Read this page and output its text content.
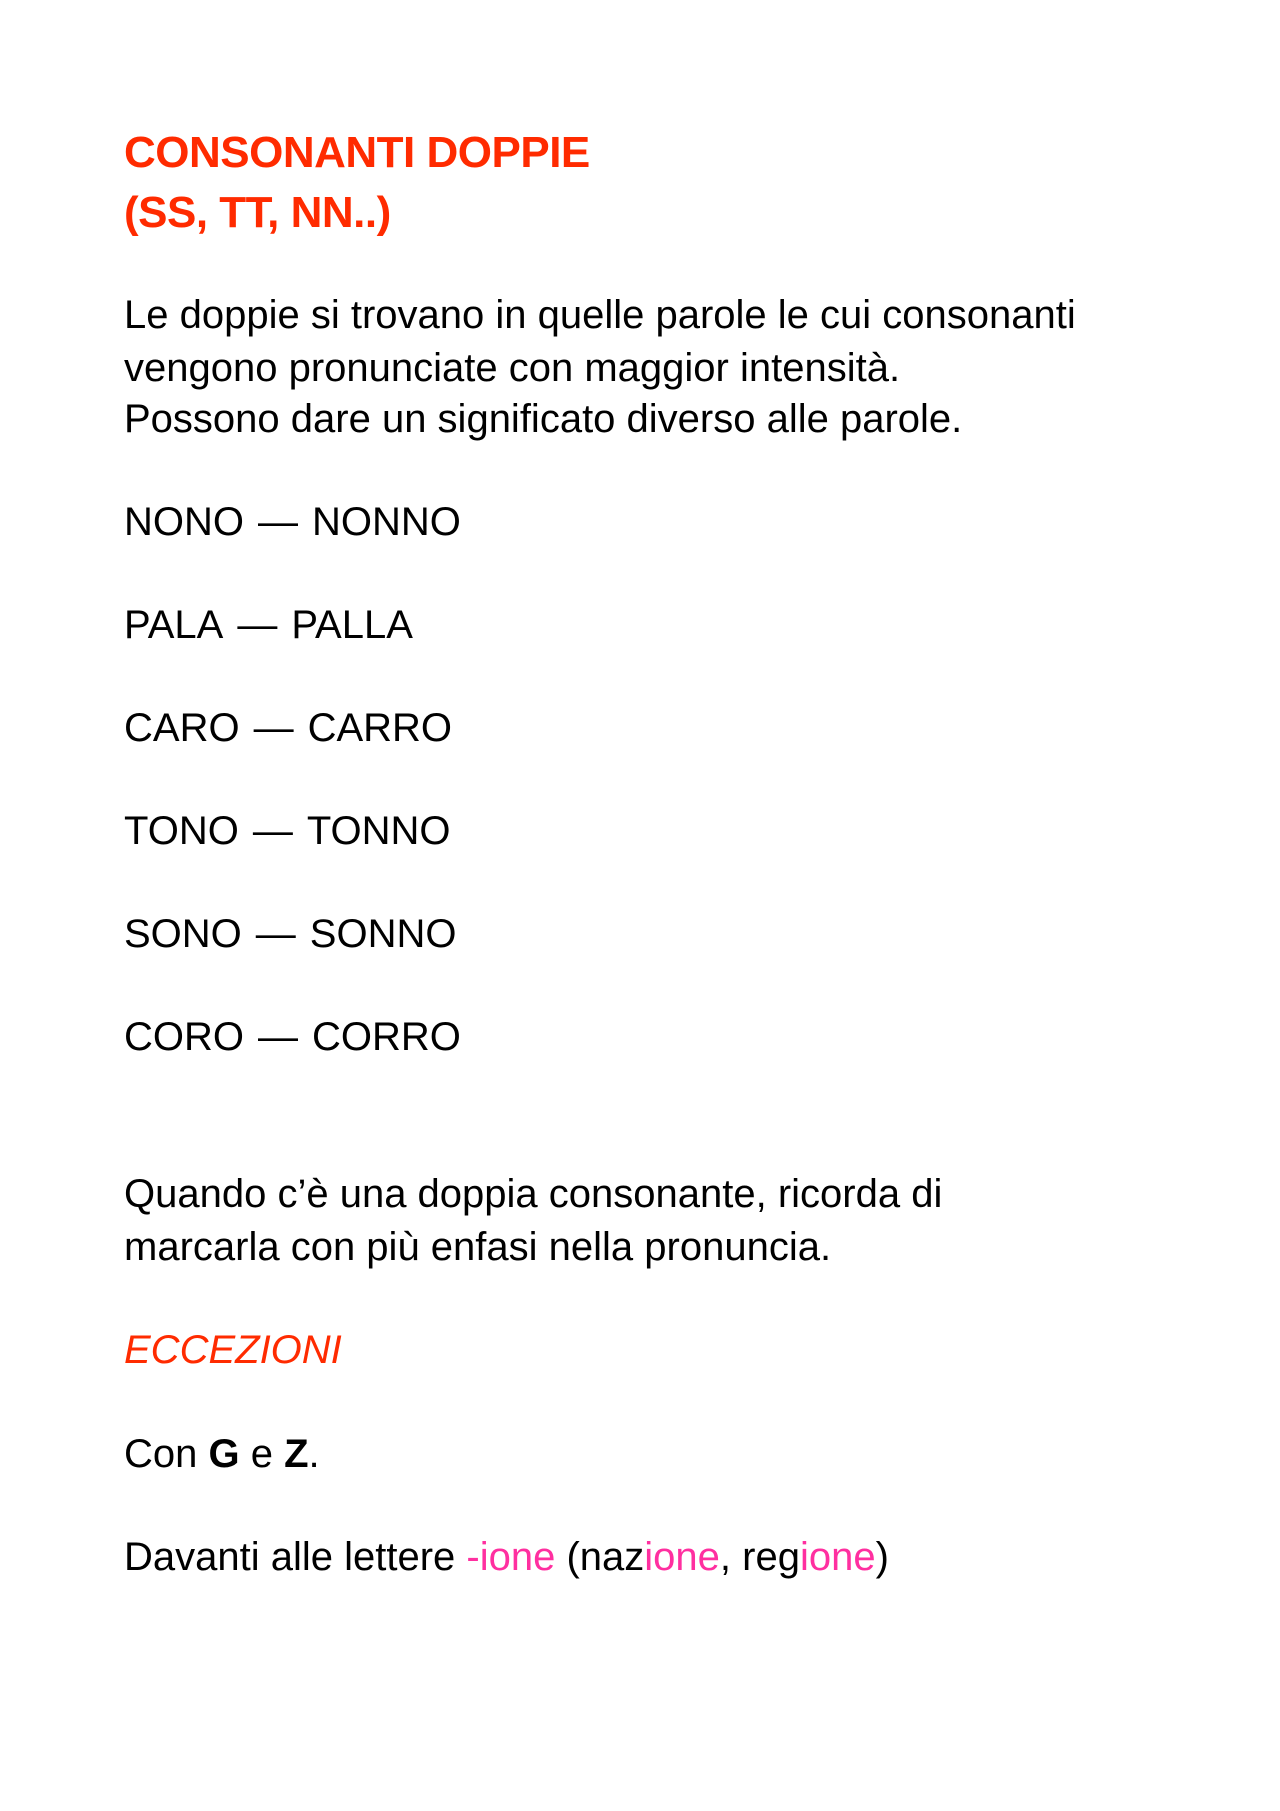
CONSONANTI DOPPIE
(SS, TT, NN..)
Le doppie si trovano in quelle parole le cui consonanti
vengono pronunciate con maggior intensità.
Possono dare un significato diverso alle parole.
NONO — NONNO
PALA — PALLA
CARO — CARRO
TONO — TONNO
SONO — SONNO
CORO — CORRO
Quando c’è una doppia consonante, ricorda di
marcarla con più enfasi nella pronuncia.
ECCEZIONI
Con G e Z.
Davanti alle lettere -ione (nazione, regione)
